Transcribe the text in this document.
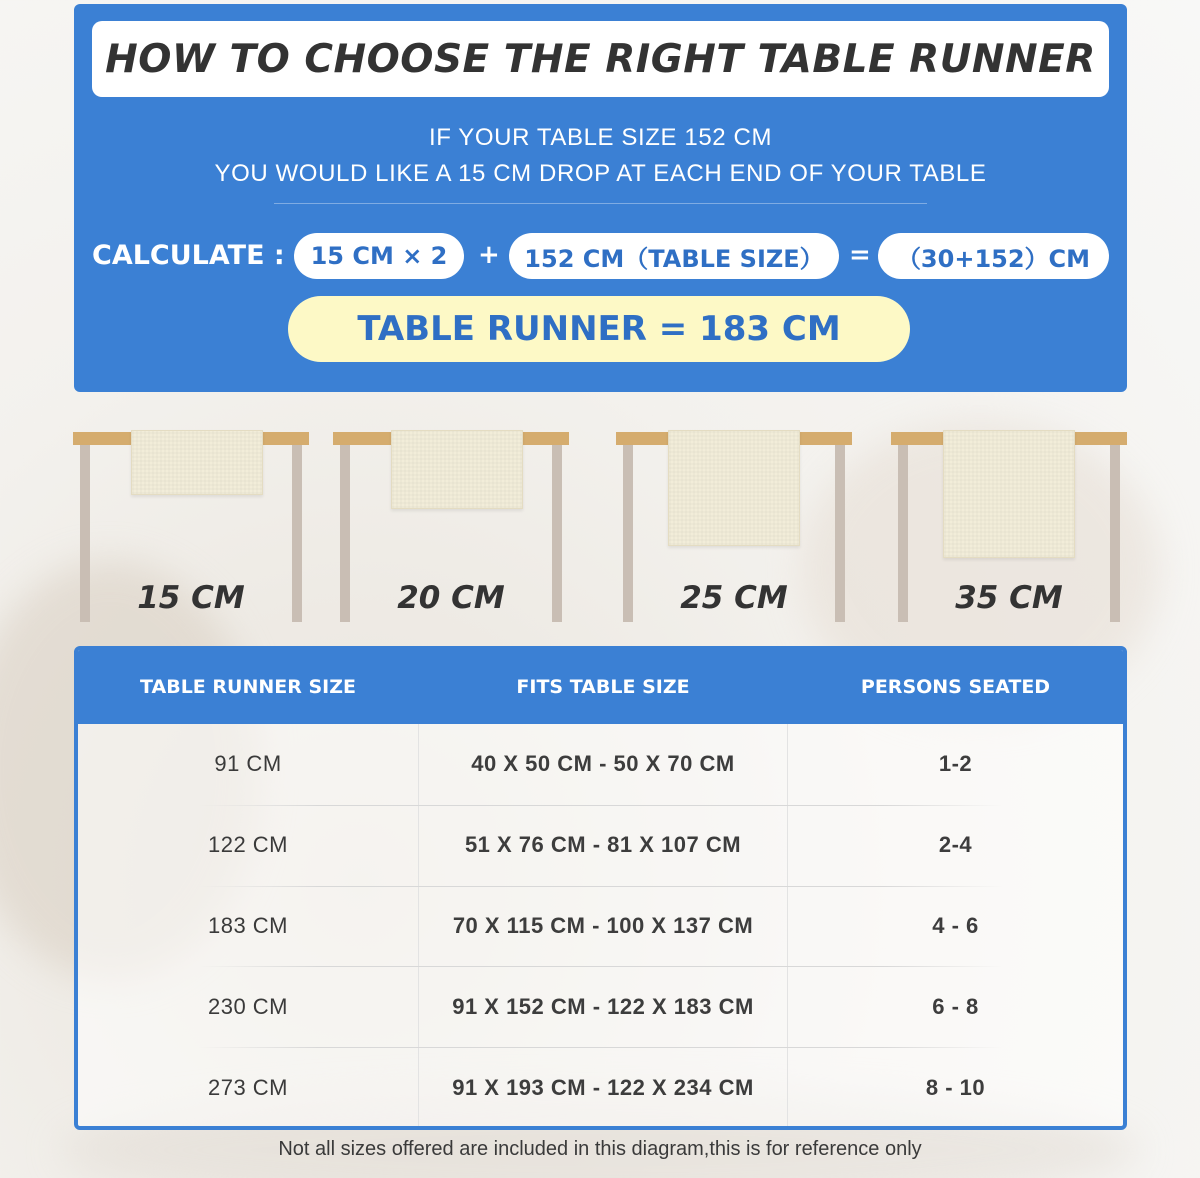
HOW TO CHOOSE THE RIGHT TABLE RUNNER
IF YOUR TABLE SIZE 152 CM
YOU WOULD LIKE A 15 CM DROP AT EACH END OF YOUR TABLE
CALCULATE :	15 CM × 2	+	152 CM（TABLE SIZE） =	（30+152）CM
TABLE RUNNER = 183 CM
15 CM	20 CM	25 CM	35 CM
TABLE RUNNER SIZE	FITS TABLE SIZE	PERSONS SEATED
91 CM	40 X 50 CM - 50 X 70 CM	1-2
122 CM	51 X 76 CM - 81 X 107 CM	2-4
183 CM	70 X 115 CM - 100 X 137 CM	4 - 6
230 CM	91 X 152 CM - 122 X 183 CM	6 - 8
273 CM	91 X 193 CM - 122 X 234 CM	8 - 10
Not all sizes offered are included in this diagram,this is for reference only
